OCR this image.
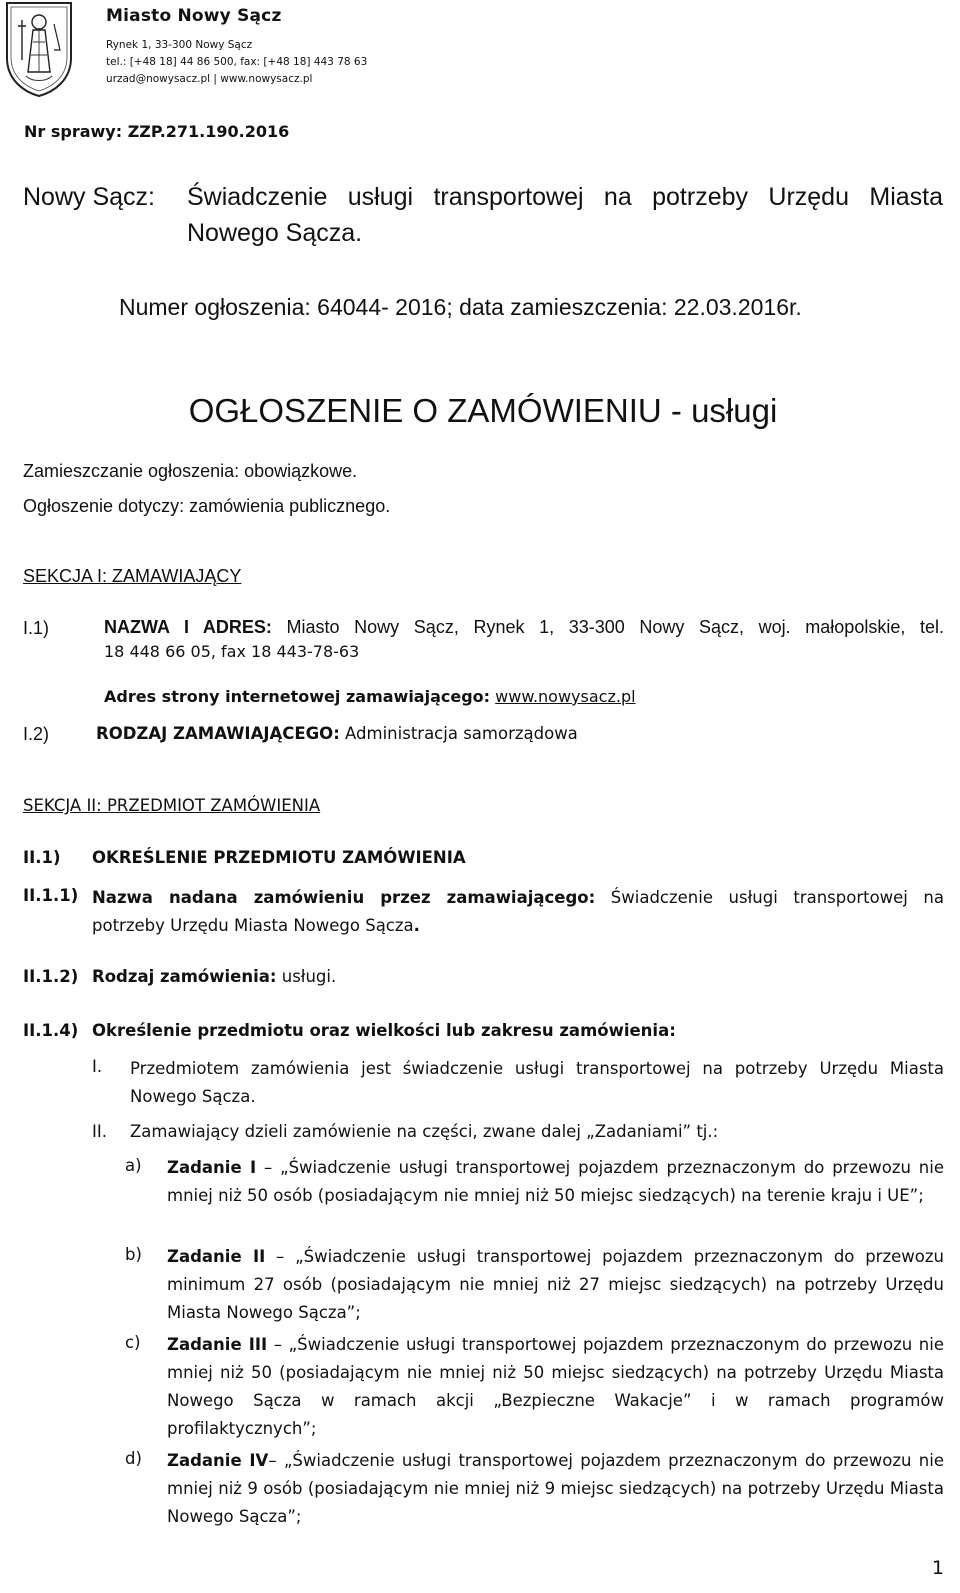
Miasto Nowy Sącz
Rynek 1, 33-300 Nowy Sącz
tel.: [+48 18] 44 86 500, fax: [+48 18] 443 78 63
urzad@nowysacz.pl | www.nowysacz.pl
Nr sprawy: ZZP.271.190.2016
Nowy Sącz: Świadczenie usługi transportowej na potrzeby Urzędu Miasta
Nowego Sącza.
Numer ogłoszenia: 64044- 2016; data zamieszczenia: 22.03.2016r.
OGŁOSZENIE O ZAMÓWIENIU - usługi
Zamieszczanie ogłoszenia: obowiązkowe.
Ogłoszenie dotyczy: zamówienia publicznego.
SEKCJA I: ZAMAWIAJĄCY
I.1)	NAZWA I ADRES: Miasto Nowy Sącz, Rynek 1, 33-300 Nowy Sącz, woj. małopolskie, tel.
18 448 66 05, fax 18 443-78-63
Adres strony internetowej zamawiającego: www.nowysacz.pl
I.2)	RODZAJ ZAMAWIAJĄCEGO: Administracja samorządowa
SEKCJA II: PRZEDMIOT ZAMÓWIENIA
II.1) OKREŚLENIE PRZEDMIOTU ZAMÓWIENIA
II.1.1) Nazwa nadana zamówieniu przez zamawiającego: Świadczenie usługi transportowej na
potrzeby Urzędu Miasta Nowego Sącza.
II.1.2) Rodzaj zamówienia: usługi.
II.1.4) Określenie przedmiotu oraz wielkości lub zakresu zamówienia:
I. Przedmiotem zamówienia jest świadczenie usługi transportowej na potrzeby Urzędu Miasta Nowego Sącza.
II. Zamawiający dzieli zamówienie na części, zwane dalej „Zadaniami” tj.:
a) Zadanie I – „Świadczenie usługi transportowej pojazdem przeznaczonym do przewozu nie mniej niż 50 osób (posiadającym nie mniej niż 50 miejsc siedzących) na terenie kraju i UE”;
b) Zadanie II – „Świadczenie usługi transportowej pojazdem przeznaczonym do przewozu minimum 27 osób (posiadającym nie mniej niż 27 miejsc siedzących) na potrzeby Urzędu Miasta Nowego Sącza”;
c) Zadanie III – „Świadczenie usługi transportowej pojazdem przeznaczonym do przewozu nie mniej niż 50 (posiadającym nie mniej niż 50 miejsc siedzących) na potrzeby Urzędu Miasta Nowego Sącza w ramach akcji „Bezpieczne Wakacje” i w ramach programów profilaktycznych”;
d) Zadanie IV– „Świadczenie usługi transportowej pojazdem przeznaczonym do przewozu nie mniej niż 9 osób (posiadającym nie mniej niż 9 miejsc siedzących) na potrzeby Urzędu Miasta Nowego Sącza”;
1
